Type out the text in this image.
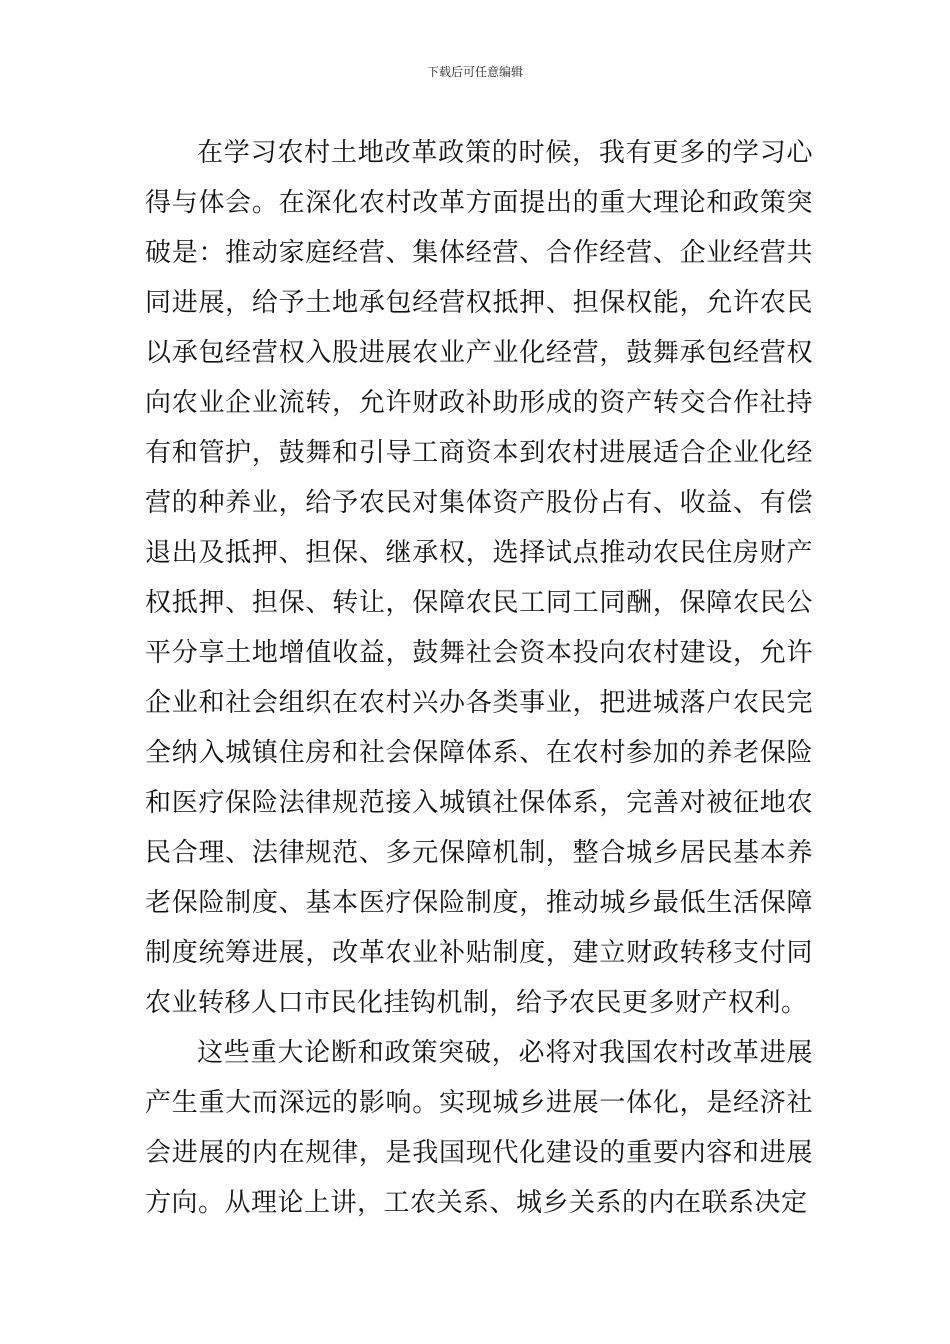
下载后可任意编辑

在学习农村土地改革政策的时候，我有更多的学习心得与体会。在深化农村改革方面提出的重大理论和政策突破是：推动家庭经营、集体经营、合作经营、企业经营共同进展，给予土地承包经营权抵押、担保权能，允许农民以承包经营权入股进展农业产业化经营，鼓舞承包经营权向农业企业流转，允许财政补助形成的资产转交合作社持有和管护，鼓舞和引导工商资本到农村进展适合企业化经营的种养业，给予农民对集体资产股份占有、收益、有偿退出及抵押、担保、继承权，选择试点推动农民住房财产权抵押、担保、转让，保障农民工同工同酬，保障农民公平分享土地增值收益，鼓舞社会资本投向农村建设，允许企业和社会组织在农村兴办各类事业，把进城落户农民完全纳入城镇住房和社会保障体系、在农村参加的养老保险和医疗保险法律规范接入城镇社保体系，完善对被征地农民合理、法律规范、多元保障机制，整合城乡居民基本养老保险制度、基本医疗保险制度，推动城乡最低生活保障制度统筹进展，改革农业补贴制度，建立财政转移支付同农业转移人口市民化挂钩机制，给予农民更多财产权利。

这些重大论断和政策突破，必将对我国农村改革进展产生重大而深远的影响。实现城乡进展一体化，是经济社会进展的内在规律，是我国现代化建设的重要内容和进展方向。从理论上讲，工农关系、城乡关系的内在联系决定
